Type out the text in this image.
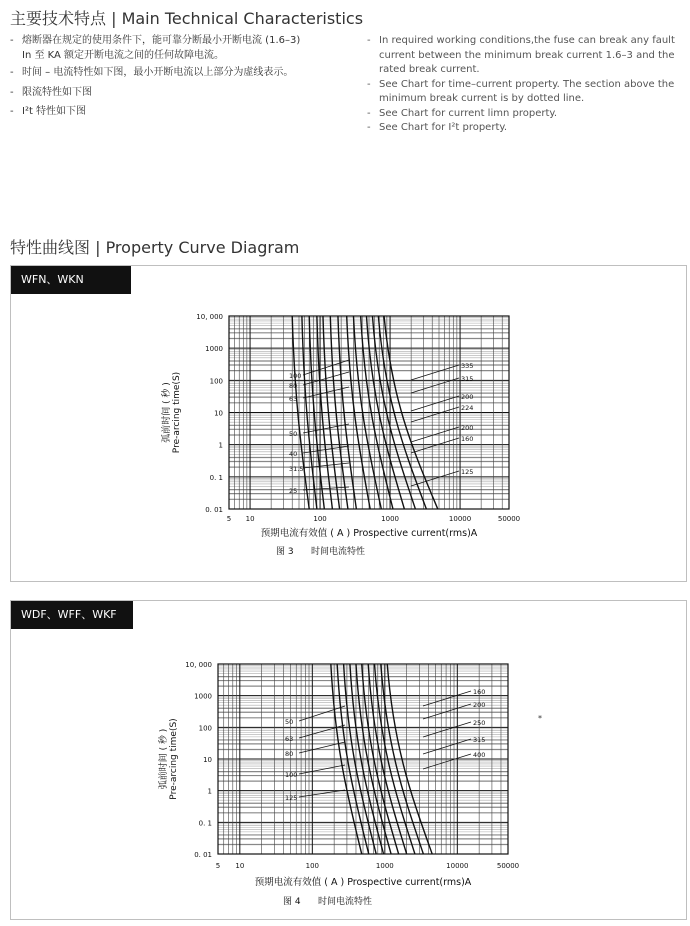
主要技术特点 | Main Technical Characteristics
- 熔断器在规定的使用条件下，能可靠分断最小开断电流 (1.6–3)
In 至 KA 额定开断电流之间的任何故障电流。
- 时间 – 电流特性如下图，最小开断电流以上部分为虚线表示。
- 限流特性如下图
- I²t 特性如下图
- In required working conditions,the fuse can break any fault
current between the minimum break current 1.6–3 and the
rated break current.
- See Chart for time–current property. The section above the
minimum break current is by dotted line.
- See Chart for current limn property.
- See Chart for I²t property.
特性曲线图 | Property Curve Diagram
WFN、WKN
100
80
63
50
40
31.5
25
335
315
200
224
200
160
125
10, 000
1000
100
10
1
0. 1
0. 01
5 10	100	1000	10000	50000
预期电流有效值 ( A ) Prospective current(rms)A
弧前时间 ( 秒 ) Pre-arcing time(S)
图 3 时间电流特性
WDF、WFF、WKF
50
63
80
100
125
160
200
250
315
400
10, 000
1000
100
10
1
0. 1
0. 01
5 10	100	1000	10000	50000
预期电流有效值 ( A ) Prospective current(rms)A
弧前时间 ( 秒 ) Pre-arcing time(S)
图 4 时间电流特性
*
